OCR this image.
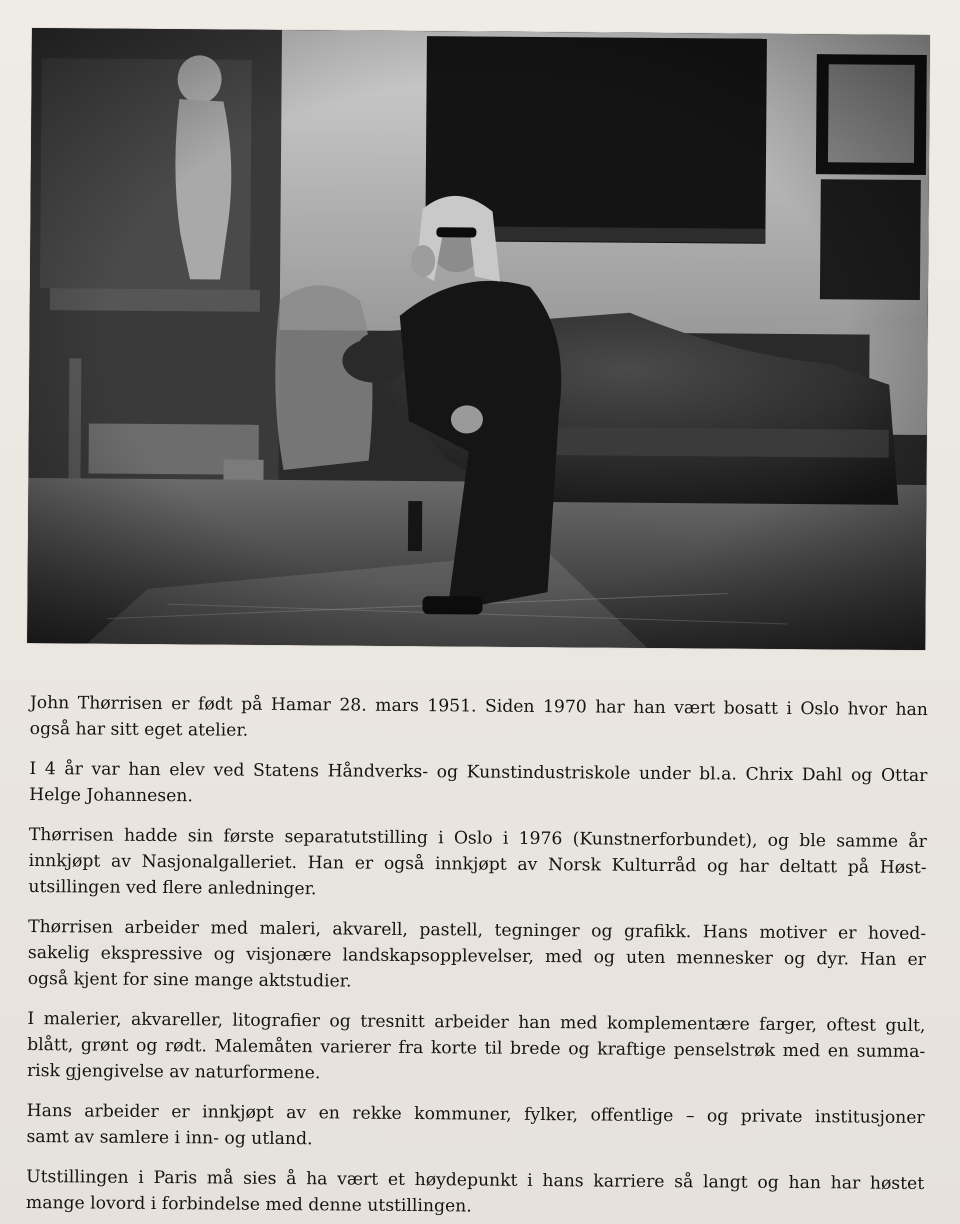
John Thørrisen er født på Hamar 28. mars 1951. Siden 1970 har han vært bosatt i Oslo hvor han
også har sitt eget atelier.

I 4 år var han elev ved Statens Håndverks- og Kunstindustriskole under bl.a. Chrix Dahl og Ottar
Helge Johannesen.

Thørrisen hadde sin første separatutstilling i Oslo i 1976 (Kunstnerforbundet), og ble samme år
innkjøpt av Nasjonalgalleriet. Han er også innkjøpt av Norsk Kulturråd og har deltatt på Høst-
utsillingen ved flere anledninger.

Thørrisen arbeider med maleri, akvarell, pastell, tegninger og grafikk. Hans motiver er hoved-
sakelig ekspressive og visjonære landskapsopplevelser, med og uten mennesker og dyr. Han er
også kjent for sine mange aktstudier.

I malerier, akvareller, litografier og tresnitt arbeider han med komplementære farger, oftest gult,
blått, grønt og rødt. Malemåten varierer fra korte til brede og kraftige penselstrøk med en summa-
risk gjengivelse av naturformene.

Hans arbeider er innkjøpt av en rekke kommuner, fylker, offentlige – og private institusjoner
samt av samlere i inn- og utland.

Utstillingen i Paris må sies å ha vært et høydepunkt i hans karriere så langt og han har høstet
mange lovord i forbindelse med denne utstillingen.
